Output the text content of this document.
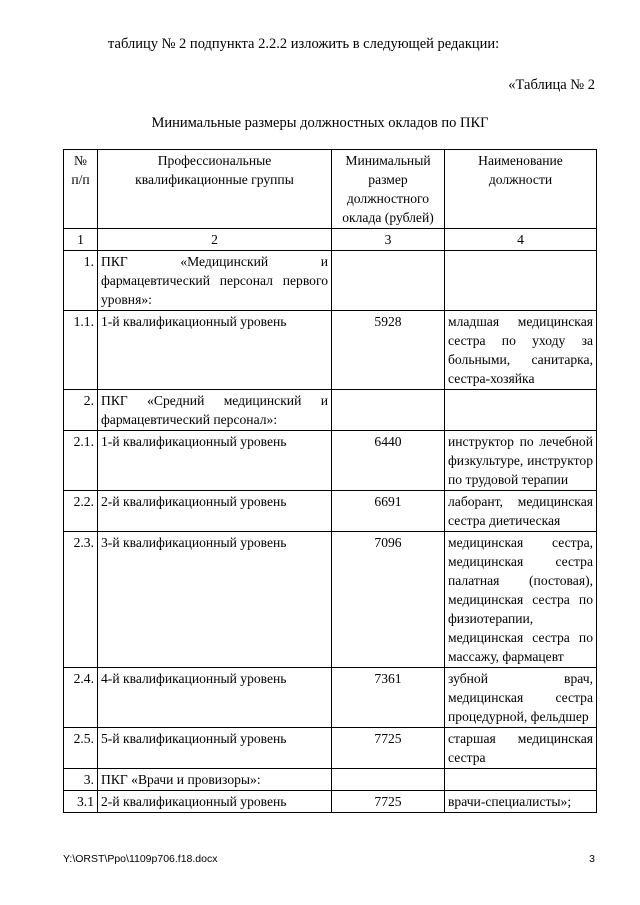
таблицу № 2 подпункта 2.2.2 изложить в следующей редакции:
«Таблица № 2
Минимальные размеры должностных окладов по ПКГ
№ п/п	Профессиональные квалификационные группы	Минимальный размер должностного оклада (рублей)	Наименование должности
1	2	3	4
1.	ПКГ «Медицинский и фармацевтический персонал первого уровня»:		
1.1.	1-й квалификационный уровень	5928	младшая медицинская сестра по уходу за больными, санитарка, сестра-хозяйка
2.	ПКГ «Средний медицинский и фармацевтический персонал»:		
2.1.	1-й квалификационный уровень	6440	инструктор по лечебной физкультуре, инструктор по трудовой терапии
2.2.	2-й квалификационный уровень	6691	лаборант, медицинская сестра диетическая
2.3.	3-й квалификационный уровень	7096	медицинская сестра, медицинская сестра палатная (постовая), медицинская сестра по физиотерапии, медицинская сестра по массажу, фармацевт
2.4.	4-й квалификационный уровень	7361	зубной врач, медицинская сестра процедурной, фельдшер
2.5.	5-й квалификационный уровень	7725	старшая медицинская сестра
3.	ПКГ «Врачи и провизоры»:		
3.1	2-й квалификационный уровень	7725	врачи-специалисты»;
Y:\ORST\Ppo\1109p706.f18.docx	3
